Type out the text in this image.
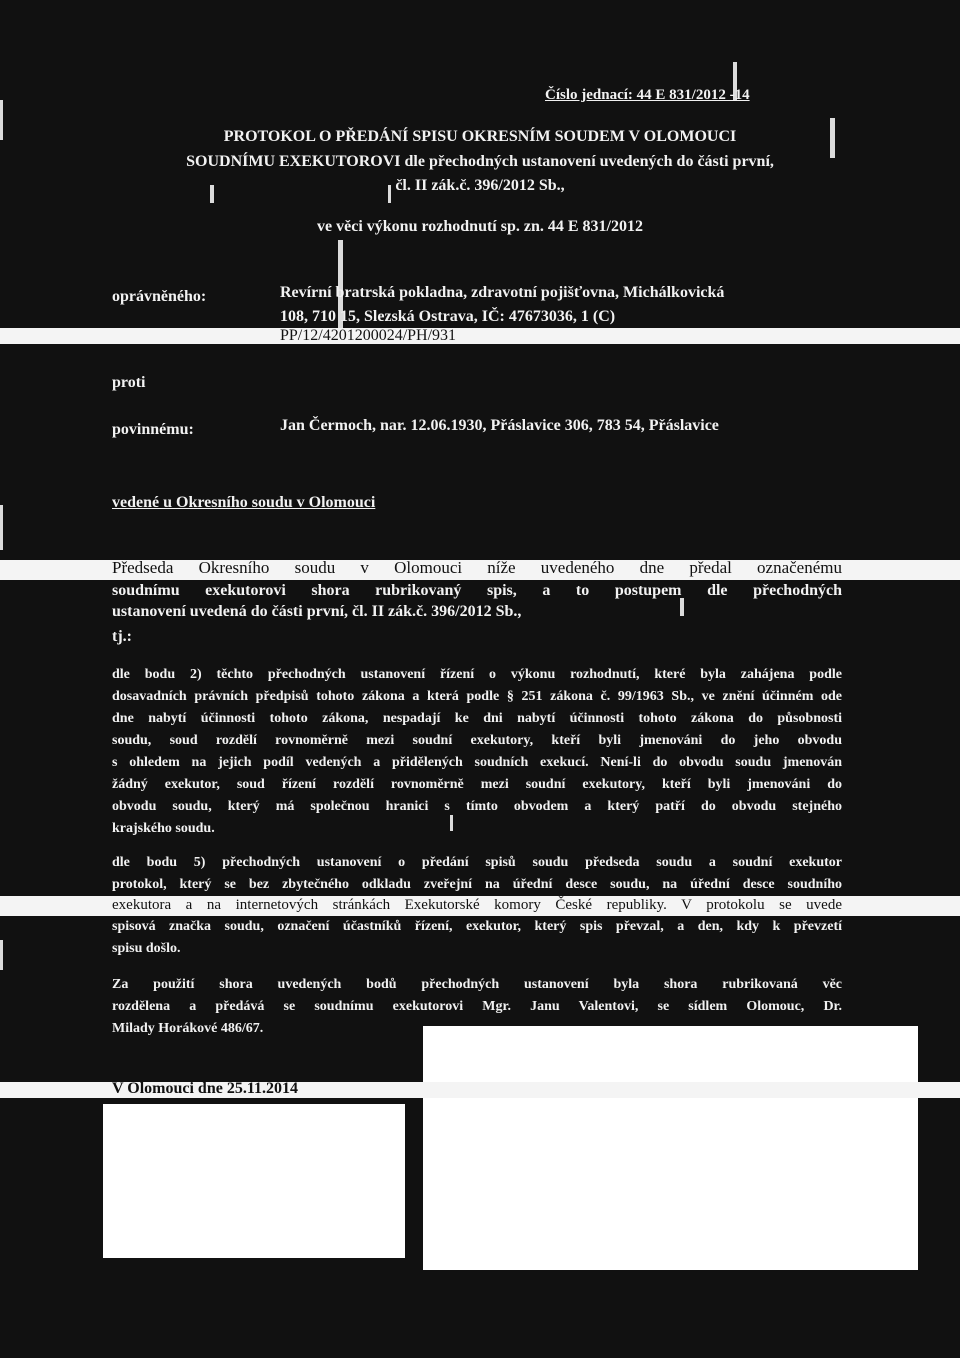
Číslo jednací: 44 E 831/2012 -14
PROTOKOL O PŘEDÁNÍ SPISU OKRESNÍM SOUDEM V OLOMOUCI
SOUDNÍMU EXEKUTOROVI dle přechodných ustanovení uvedených do části první,
čl. II zák.č. 396/2012 Sb.,
ve věci výkonu rozhodnutí sp. zn. 44 E 831/2012
oprávněného:	Revírní bratrská pokladna, zdravotní pojišťovna, Michálkovická
108, 710 15, Slezská Ostrava, IČ: 47673036, 1 (C)
PP/12/4201200024/PH/931
proti
povinnému:	Jan Čermoch, nar. 12.06.1930, Přáslavice 306, 783 54, Přáslavice
vedené u Okresního soudu v Olomouci
Předseda Okresního soudu v Olomouci níže uvedeného dne předal označenému
soudnímu exekutorovi shora rubrikovaný spis, a to postupem dle přechodných
ustanovení uvedená do části první, čl. II zák.č. 396/2012 Sb.,
tj.:
dle bodu 2) těchto přechodných ustanovení řízení o výkonu rozhodnutí, které byla zahájena podle
dosavadních právních předpisů tohoto zákona a která podle § 251 zákona č. 99/1963 Sb., ve znění účinném ode
dne nabytí účinnosti tohoto zákona, nespadají ke dni nabytí účinnosti tohoto zákona do působnosti
soudu, soud rozdělí rovnoměrně mezi soudní exekutory, kteří byli jmenováni do jeho obvodu
s ohledem na jejich podíl vedených a přidělených soudních exekucí. Není-li do obvodu soudu jmenován
žádný exekutor, soud řízení rozdělí rovnoměrně mezi soudní exekutory, kteří byli jmenováni do
obvodu soudu, který má společnou hranici s tímto obvodem a který patří do obvodu stejného
krajského soudu.
dle bodu 5) přechodných ustanovení o předání spisů soudu předseda soudu a soudní exekutor
protokol, který se bez zbytečného odkladu zveřejní na úřední desce soudu, na úřední desce soudního
exekutora a na internetových stránkách Exekutorské komory České republiky. V protokolu se uvede
spisová značka soudu, označení účastníků řízení, exekutor, který spis převzal, a den, kdy k převzetí
spisu došlo.
Za použití shora uvedených bodů přechodných ustanovení byla shora rubrikovaná věc
rozdělena a předává se soudnímu exekutorovi Mgr. Janu Valentovi, se sídlem Olomouc, Dr.
Milady Horákové 486/67.
V Olomouci dne 25.11.2014
